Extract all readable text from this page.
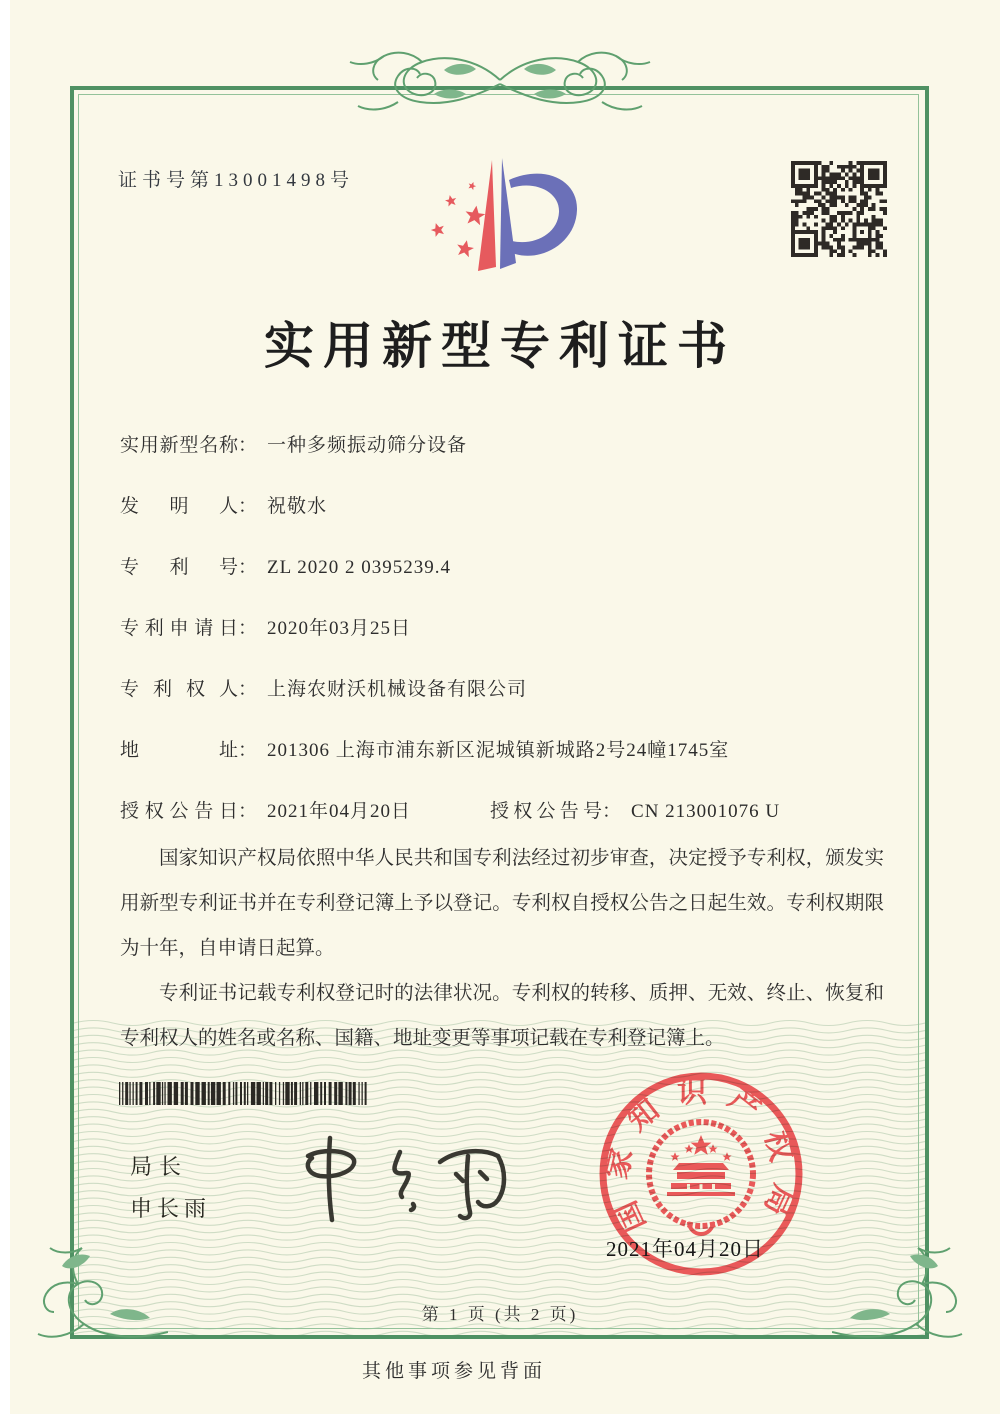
证书号第13001498号
实用新型专利证书
实用新型名称： 一种多频振动筛分设备
发明人： 祝敬水
专利号： ZL 2020 2 0395239.4
专利申请日： 2020年03月25日
专利权人： 上海农财沃机械设备有限公司
地址： 201306 上海市浦东新区泥城镇新城路2号24幢1745室
授权公告日： 2021年04月20日	授权公告号： CN 213001076 U

国家知识产权局依照中华人民共和国专利法经过初步审查，决定授予专利权，颁发实用新型专利证书并在专利登记簿上予以登记。专利权自授权公告之日起生效。专利权期限为十年，自申请日起算。

专利证书记载专利权登记时的法律状况。专利权的转移、质押、无效、终止、恢复和专利权人的姓名或名称、国籍、地址变更等事项记载在专利登记簿上。

局长
申长雨	国家知识产权局
2021年04月20日
第 1 页 (共 2 页)
其他事项参见背面
